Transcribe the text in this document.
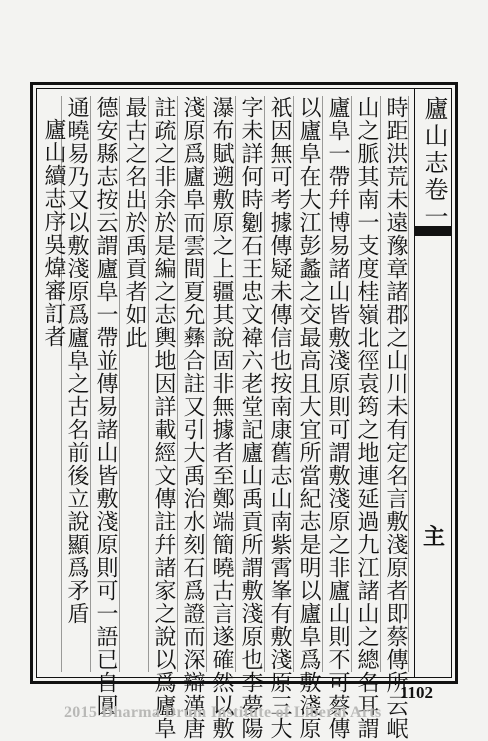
廬山志卷一
主
時距洪荒未遠豫章諸郡之山川未有定名言敷淺原者即蔡傳所云岷
山之脈其南一支度桂嶺北徑袁筠之地連延過九江諸山之總名耳謂
廬阜一帶幷博易諸山皆敷淺原則可謂敷淺原之非廬山則不可蔡傳
以廬阜在大江彭蠡之交最高且大宜所當紀志是明以廬阜爲敷淺原
祇因無可考據傳疑未傳信也按南康舊志山南紫霄峯有敷淺原三大
字未詳何時劖石王忠文褘六老堂記廬山禹貢所謂敷淺原也李夢陽
瀑布賦遡敷原之上疆其說固非無據者至鄭端簡曉古言遂確然以敷
淺原爲廬阜而雲間夏允彝合註又引大禹治水刻石爲證而深辯漢唐
註疏之非余於是編之志輿地因詳載經文傳註幷諸家之說以爲廬阜
最古之名出於禹貢者如此
德安縣志按云謂廬阜一帶並傳易諸山皆敷淺原則可一語已自圓
通曉易乃又以敷淺原爲廬阜之古名前後立說顯爲矛盾
廬山續志序吳煒審訂者
1102
2015 Dharma Drum Institute of Liberal Arts
